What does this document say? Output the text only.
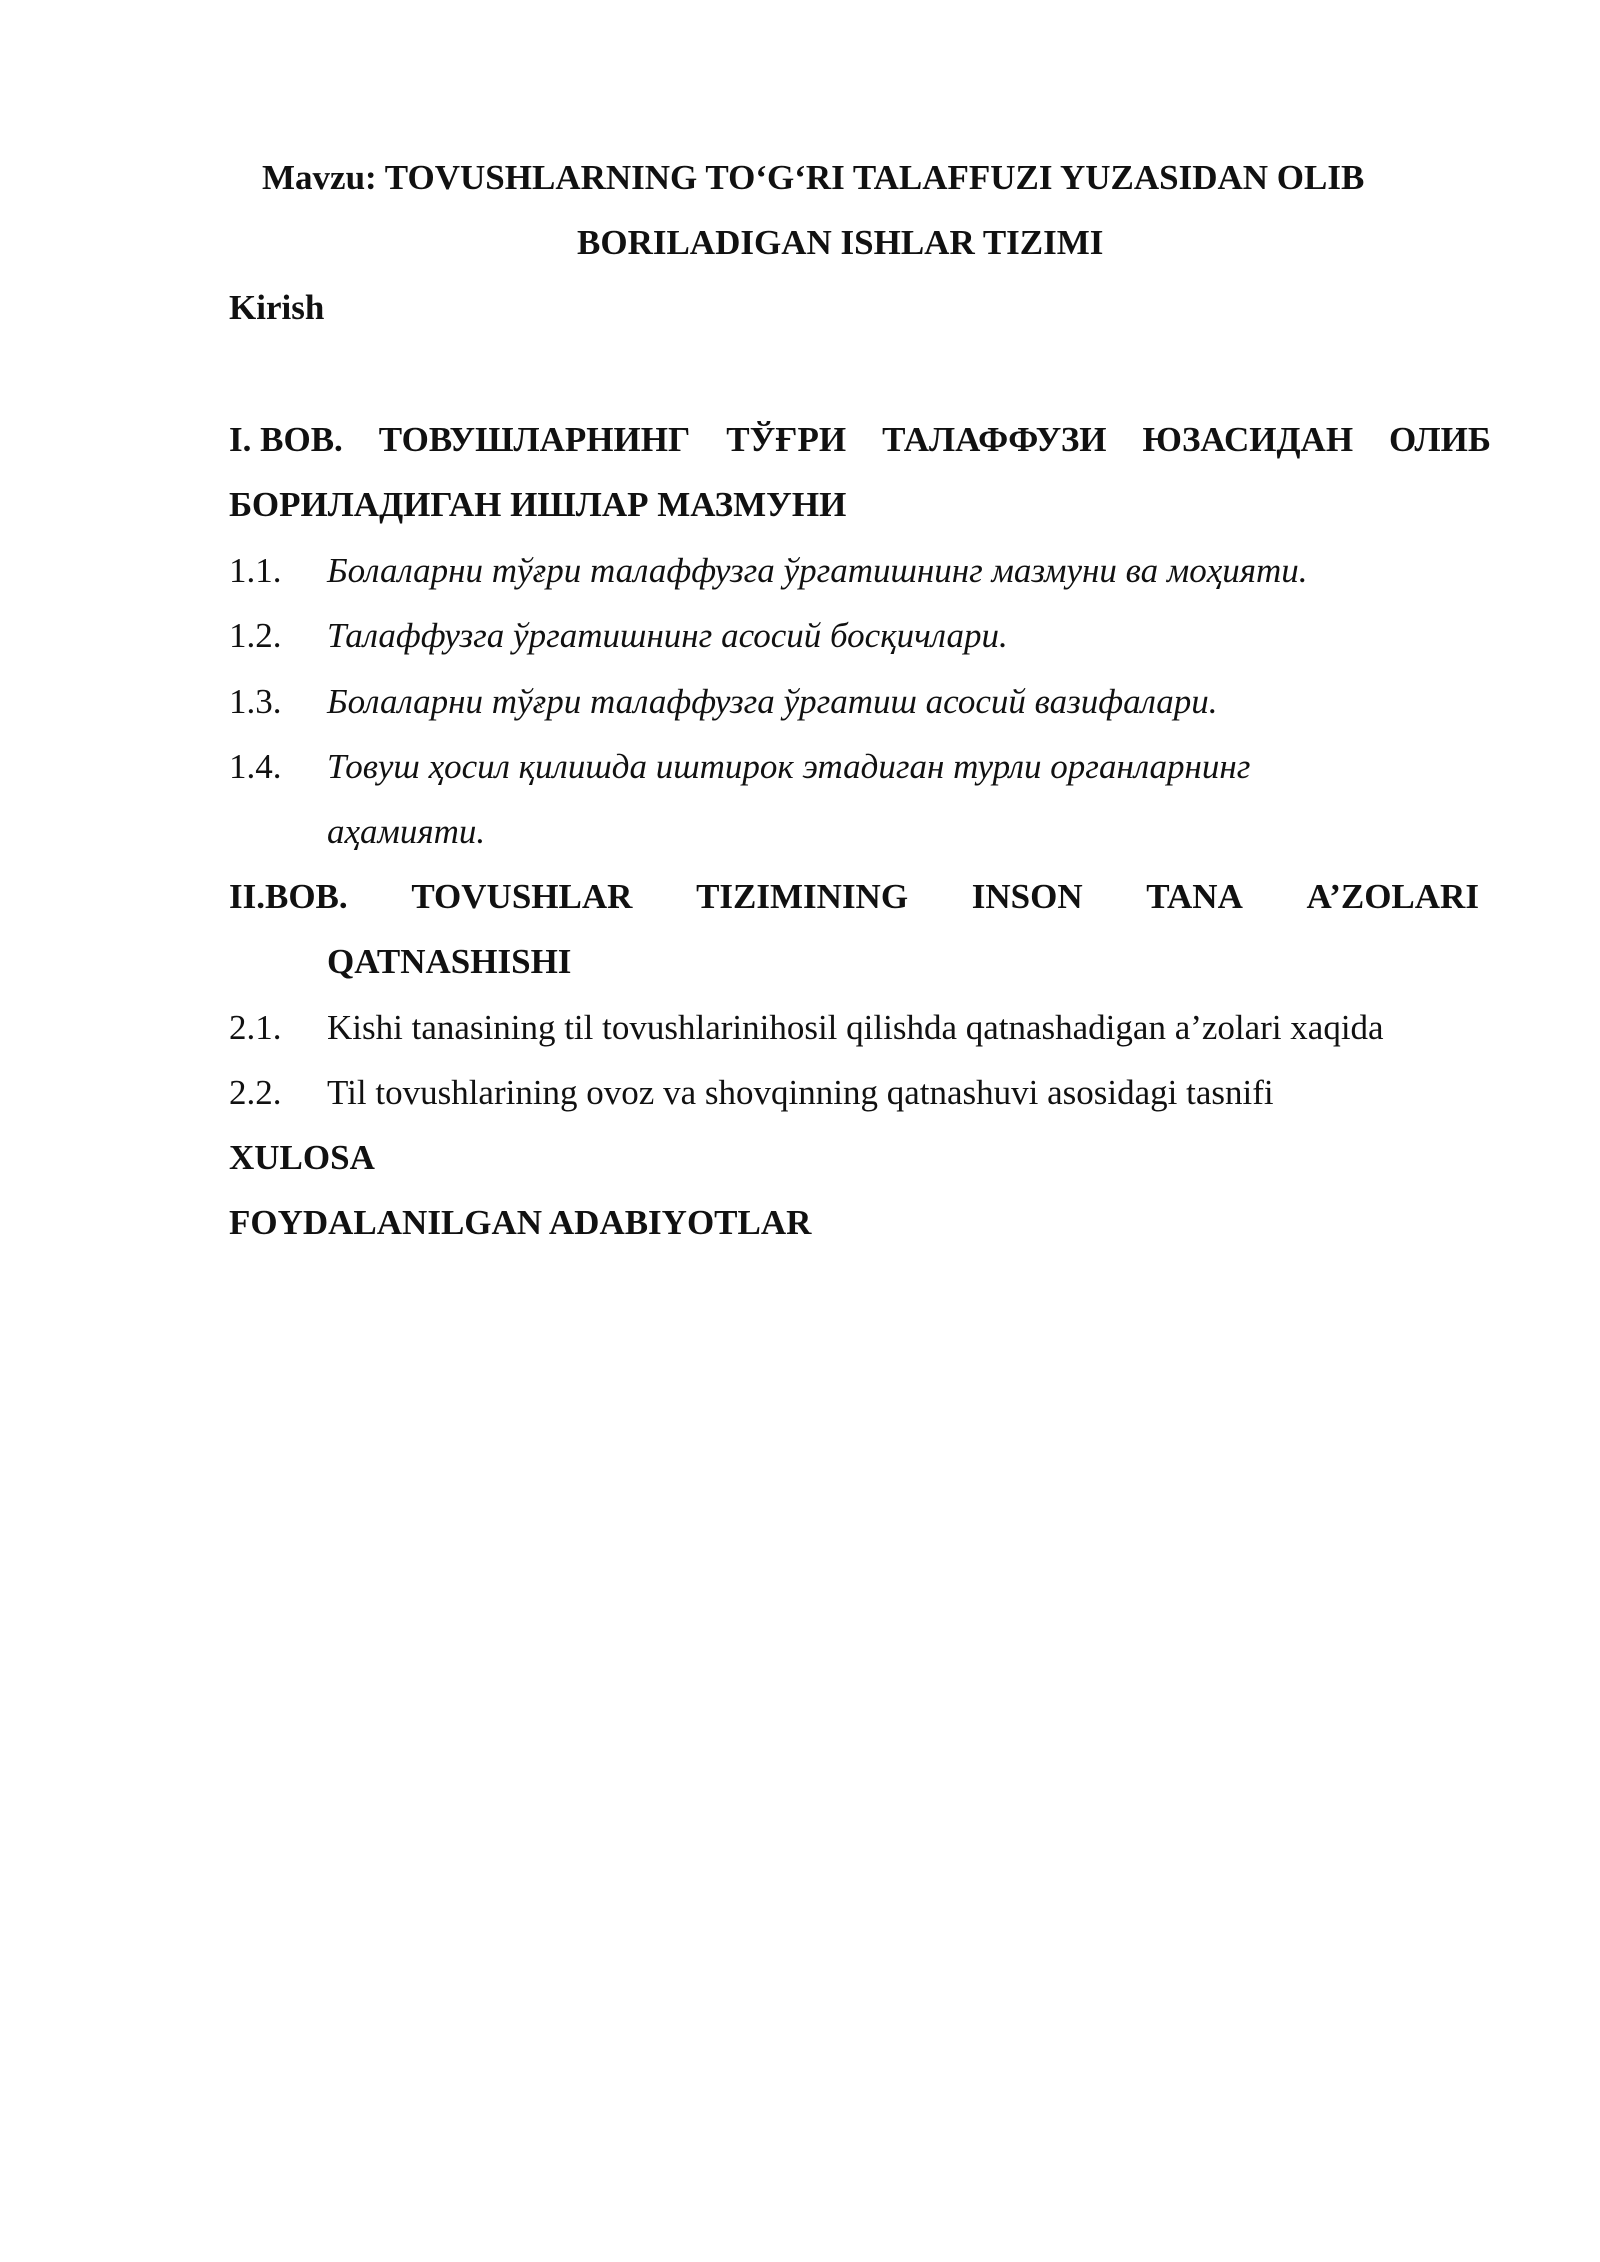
Mavzu: TOVUSHLARNING TO‘G‘RI TALAFFUZI YUZASIDAN OLIB
BORILADIGAN ISHLAR TIZIMI
Kirish
I. BOB. ТОВУШЛАРНИНГ ТЎҒРИ ТАЛАФФУЗИ ЮЗАСИДАН ОЛИБ
БОРИЛАДИГАН ИШЛАР МАЗМУНИ
1.1. Болаларни тўғри талаффузга ўргатишнинг мазмуни ва моҳияти.
1.2. Талаффузга ўргатишнинг асосий босқичлари.
1.3. Болаларни тўғри талаффузга ўргатиш асосий вазифалари.
1.4. Товуш ҳосил қилишда иштирок этадиган турли органларнинг
аҳамияти.
II.BOB. TOVUSHLAR TIZIMINING INSON TANA A’ZOLARI
QATNASHISHI
2.1. Kishi tanasining til tovushlarinihosil qilishda qatnashadigan a’zolari xaqida
2.2. Til tovushlarining ovoz va shovqinning qatnashuvi asosidagi tasnifi
XULOSA
FOYDALANILGAN ADABIYOTLAR
